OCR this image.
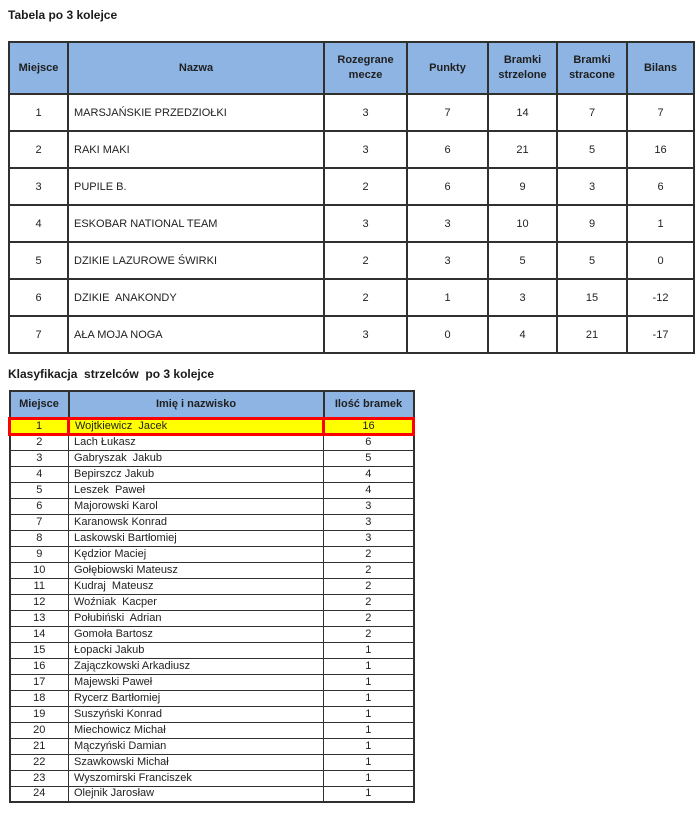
Tabela po 3 kolejce
Miejsce	Nazwa	Rozegrane mecze	Punkty	Bramki strzelone	Bramki stracone	Bilans
1	MARSJAŃSKIE PRZEDZIOŁKI	3	7	14	7	7
2	RAKI MAKI	3	6	21	5	16
3	PUPILE B.	2	6	9	3	6
4	ESKOBAR NATIONAL TEAM	3	3	10	9	1
5	DZIKIE LAZUROWE ŚWIRKI	2	3	5	5	0
6	DZIKIE  ANAKONDY	2	1	3	15	-12
7	AŁA MOJA NOGA	3	0	4	21	-17
Klasyfikacja  strzelców  po 3 kolejce
Miejsce	Imię i nazwisko	Ilość bramek
1	Wojtkiewicz  Jacek	16
2	Lach Łukasz	6
3	Gabryszak  Jakub	5
4	Bepirszcz Jakub	4
5	Leszek  Paweł	4
6	Majorowski Karol	3
7	Karanowsk Konrad	3
8	Laskowski Bartłomiej	3
9	Kędzior Maciej	2
10	Gołębiowski Mateusz	2
11	Kudraj  Mateusz	2
12	Woźniak  Kacper	2
13	Połubiński  Adrian	2
14	Gomoła Bartosz	2
15	Łopacki Jakub	1
16	Zajączkowski Arkadiusz	1
17	Majewski Paweł	1
18	Rycerz Bartłomiej	1
19	Suszyński Konrad	1
20	Miechowicz Michał	1
21	Mączyński Damian	1
22	Szawkowski Michał	1
23	Wyszomirski Franciszek	1
24	Olejnik Jarosław	1
